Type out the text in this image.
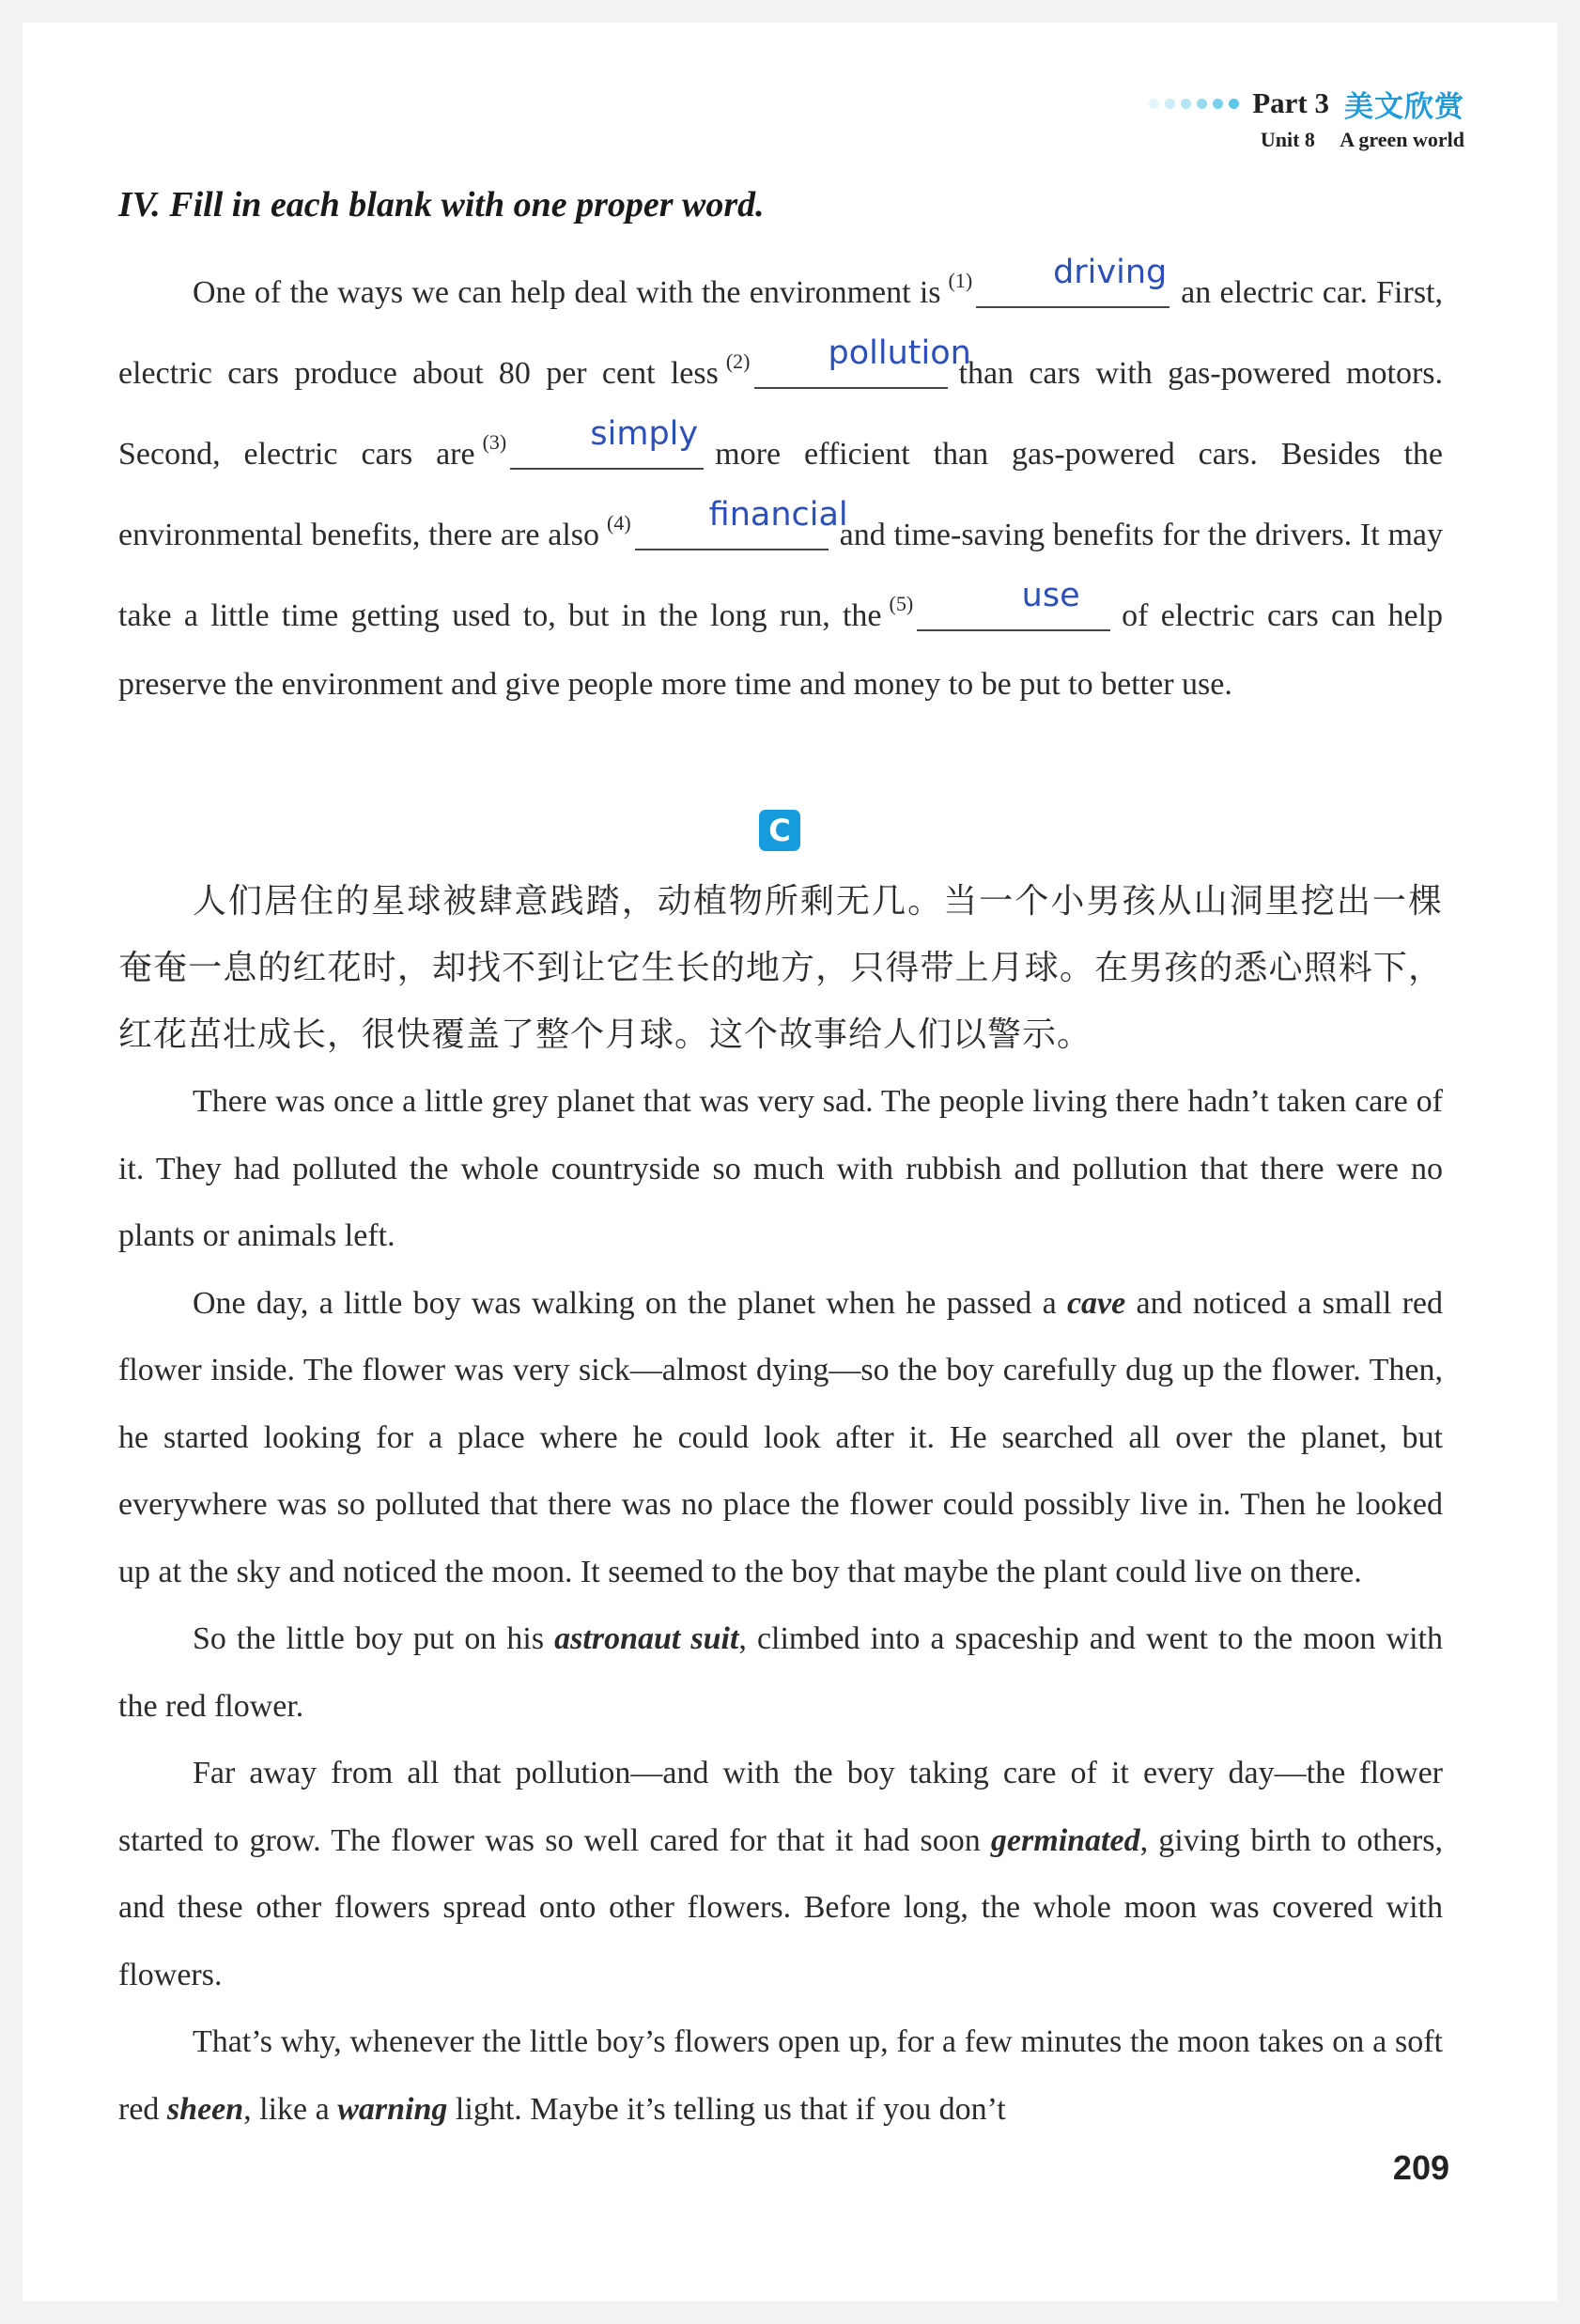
Part 3 美文欣赏
Unit 8 A green world
IV. Fill in each blank with one proper word.

One of the ways we can help deal with the environment is $^{(1)}$	driving
an electric car. First, electric cars produce about 80 per cent less $^{(2)}$	pollution
than cars with gas-powered motors. Second, electric cars are $^{(3)}$	simply
more efficient than gas-powered cars. Besides the environmental benefits, there are also $^{(4)}$	financial
and time-saving benefits for the drivers. It may take a little time getting used to, but in the long run, the $^{(5)}$	use
of electric cars can help preserve the environment and give people more time and money to be put to better use.

C

人们居住的星球被肆意践踏，动植物所剩无几。当一个小男孩从山洞里挖出一棵奄奄一息的红花时，却找不到让它生长的地方，只得带上月球。在男孩的悉心照料下，红花茁壮成长，很快覆盖了整个月球。这个故事给人们以警示。

There was once a little grey planet that was very sad. The people living there hadn’t taken care of it. They had polluted the whole countryside so much with rubbish and pollution that there were no plants or animals left.

One day, a little boy was walking on the planet when he passed a cave and noticed a small red flower inside. The flower was very sick—almost dying—so the boy carefully dug up the flower. Then, he started looking for a place where he could look after it. He searched all over the planet, but everywhere was so polluted that there was no place the flower could possibly live in. Then he looked up at the sky and noticed the moon. It seemed to the boy that maybe the plant could live on there.

So the little boy put on his astronaut suit, climbed into a spaceship and went to the moon with the red flower.

Far away from all that pollution—and with the boy taking care of it every day—the flower started to grow. The flower was so well cared for that it had soon germinated, giving birth to others, and these other flowers spread onto other flowers. Before long, the whole moon was covered with flowers.

That’s why, whenever the little boy’s flowers open up, for a few minutes the moon takes on a soft red sheen, like a warning light. Maybe it’s telling us that if you don’t

209
